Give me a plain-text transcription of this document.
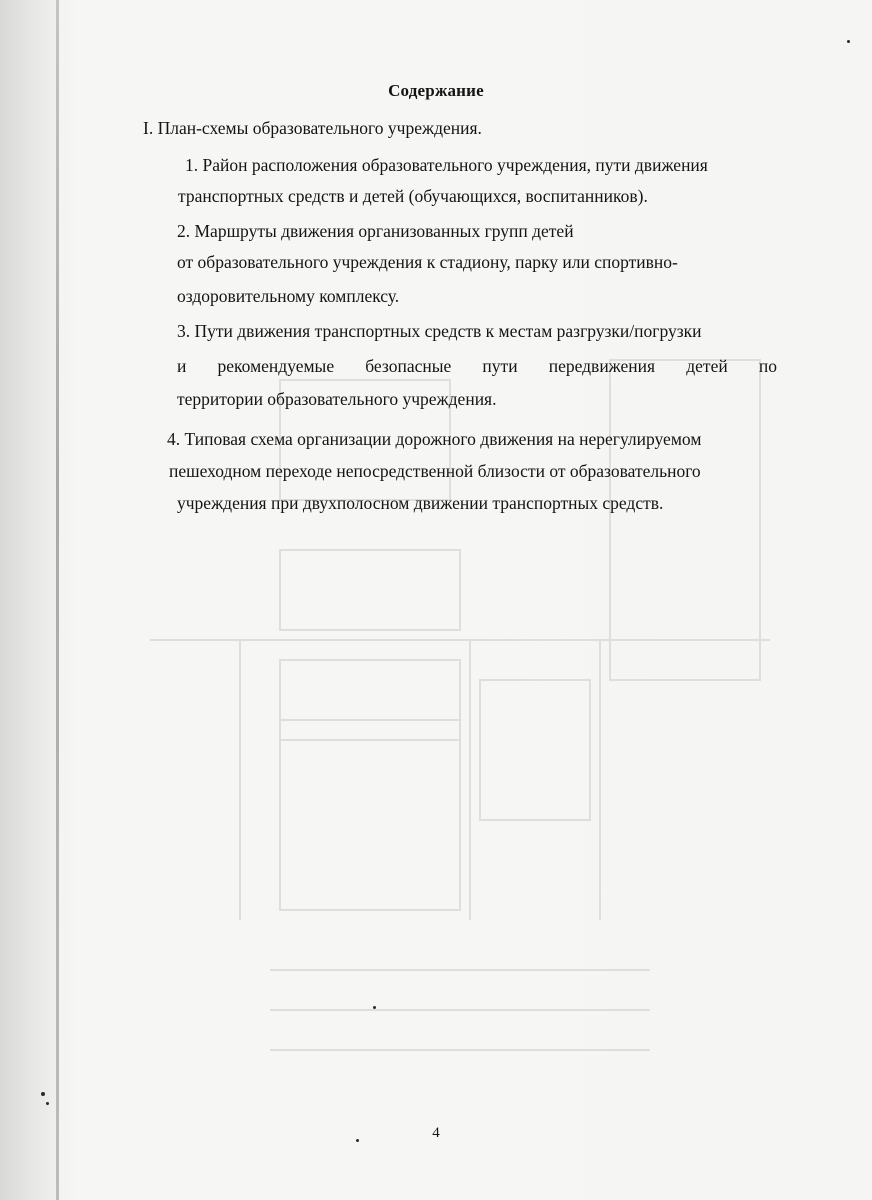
Содержание
I. План-схемы образовательного учреждения.
1. Район расположения образовательного учреждения, пути движения
транспортных средств и детей (обучающихся, воспитанников).
2. Маршруты движения организованных групп детей
от образовательного учреждения к стадиону, парку или спортивно-
оздоровительному комплексу.
3. Пути движения транспортных средств к местам разгрузки/погрузки
и рекомендуемые безопасные пути передвижения детей по
территории образовательного учреждения.
4. Типовая схема организации дорожного движения на нерегулируемом
пешеходном переходе непосредственной близости от образовательного
учреждения при двухполосном движении транспортных средств.
4
